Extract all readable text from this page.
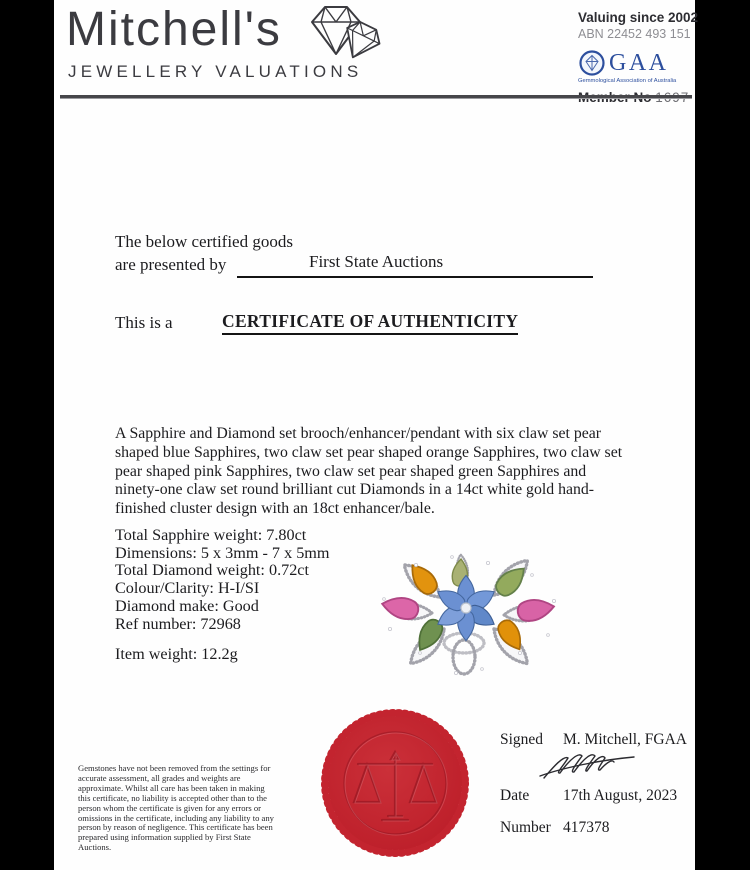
Mitchell's
JEWELLERY VALUATIONS
Valuing since 2002
ABN 22452 493 151
GAA
Gemmological Association of Australia

The below certified goods
are presented by	First State Auctions
This is a	CERTIFICATE OF AUTHENTICITY
A Sapphire and Diamond set brooch/enhancer/pendant with six claw set pear shaped blue Sapphires, two claw set pear shaped orange Sapphires, two claw set pear shaped pink Sapphires, two claw set pear shaped green Sapphires and ninety-one claw set round brilliant cut Diamonds in a 14ct white gold hand-finished cluster design with an 18ct enhancer/bale.
Total Sapphire weight: 7.80ct
Dimensions: 5 x 3mm - 7 x 5mm
Total Diamond weight: 0.72ct
Colour/Clarity: H-I/SI
Diamond make: Good
Ref number: 72968
Item weight: 12.2g
Gemstones have not been removed from the settings for accurate assessment, all grades and weights are approximate. Whilst all care has been taken in making this certificate, no liability is accepted other than to the person whom the certificate is given for any errors or omissions in the certificate, including any liability to any person by reason of negligence. This certificate has been prepared using information supplied by First State Auctions.
Signed M. Mitchell, FGAA
Date 17th August, 2023
Number 417378
